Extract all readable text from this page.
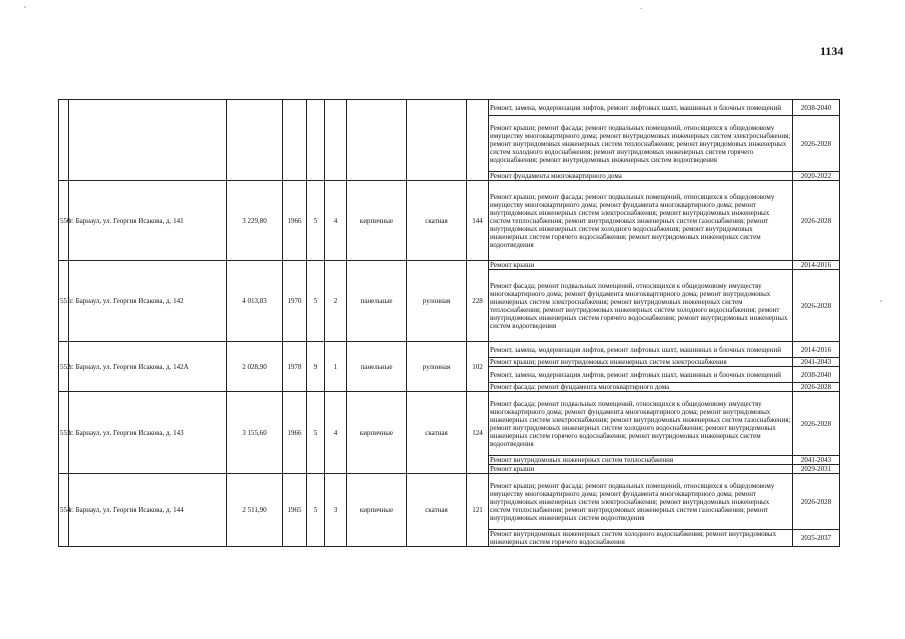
1134
									Ремонт, замена, модернизация лифтов, ремонт лифтовых шахт, машинных и блочных помещений	2038-2040
									Ремонт крыши; ремонт фасада; ремонт подвальных помещений, относящихся к общедомовому имуществу многоквартирного дома; ремонт внутридомовых инженерных систем электроснабжения; ремонт внутридомовых инженерных систем теплоснабжения; ремонт внутридомовых инженерных систем холодного водоснабжения; ремонт внутридомовых инженерных систем горячего водоснабжения; ремонт внутридомовых инженерных систем водоотведения	2026-2028
									Ремонт фундамента многоквартирного дома	2020-2022
550	г. Барнаул, ул. Георгия Исакова, д. 141	3 229,80	1966	5	4	кирпичные	скатная	144	Ремонт крыши; ремонт фасада; ремонт подвальных помещений, относящихся к общедомовому имуществу многоквартирного дома; ремонт фундамента многоквартирного дома; ремонт внутридомовых инженерных систем электроснабжения; ремонт внутридомовых инженерных систем теплоснабжения; ремонт внутридомовых инженерных систем газоснабжения; ремонт внутридомовых инженерных систем холодного водоснабжения; ремонт внутридомовых инженерных систем горячего водоснабжения; ремонт внутридомовых инженерных систем водоотведения	2026-2028
551	г. Барнаул, ул. Георгия Исакова, д. 142	4 013,83	1970	5	2	панельные	рулонная	228	Ремонт крыши	2014-2016
									Ремонт фасада; ремонт подвальных помещений, относящихся к общедомовому имуществу многоквартирного дома; ремонт фундамента многоквартирного дома; ремонт внутридомовых инженерных систем электроснабжения; ремонт внутридомовых инженерных систем теплоснабжения; ремонт внутридомовых инженерных систем холодного водоснабжения; ремонт внутридомовых инженерных систем горячего водоснабжения; ремонт внутридомовых инженерных систем водоотведения	2026-2028
552	г. Барнаул, ул. Георгия Исакова, д. 142А	2 028,90	1978	9	1	панельные	рулонная	102	Ремонт, замена, модернизация лифтов, ремонт лифтовых шахт, машинных и блочных помещений	2014-2016
									Ремонт крыши; ремонт внутридомовых инженерных систем электроснабжения	2041-2043
									Ремонт, замена, модернизация лифтов, ремонт лифтовых шахт, машинных и блочных помещений	2038-2040
									Ремонт фасада; ремонт фундамента многоквартирного дома	2026-2028
553	г. Барнаул, ул. Георгия Исакова, д. 143	3 155,60	1966	5	4	кирпичные	скатная	124	Ремонт фасада; ремонт подвальных помещений, относящихся к общедомовому имуществу многоквартирного дома; ремонт фундамента многоквартирного дома; ремонт внутридомовых инженерных систем электроснабжения; ремонт внутридомовых инженерных систем газоснабжения; ремонт внутридомовых инженерных систем холодного водоснабжения; ремонт внутридомовых инженерных систем горячего водоснабжения; ремонт внутридомовых инженерных систем водоотведения	2026-2028
									Ремонт внутридомовых инженерных систем теплоснабжения	2041-2043
									Ремонт крыши	2029-2031
554	г. Барнаул, ул. Георгия Исакова, д. 144	2 511,90	1965	5	3	кирпичные	скатная	121	Ремонт крыши; ремонт фасада; ремонт подвальных помещений, относящихся к общедомовому имуществу многоквартирного дома; ремонт фундамента многоквартирного дома; ремонт внутридомовых инженерных систем электроснабжения; ремонт внутридомовых инженерных систем теплоснабжения; ремонт внутридомовых инженерных систем газоснабжения; ремонт внутридомовых инженерных систем водоотведения	2026-2028
									Ремонт внутридомовых инженерных систем холодного водоснабжения; ремонт внутридомовых инженерных систем горячего водоснабжения	2035-2037
